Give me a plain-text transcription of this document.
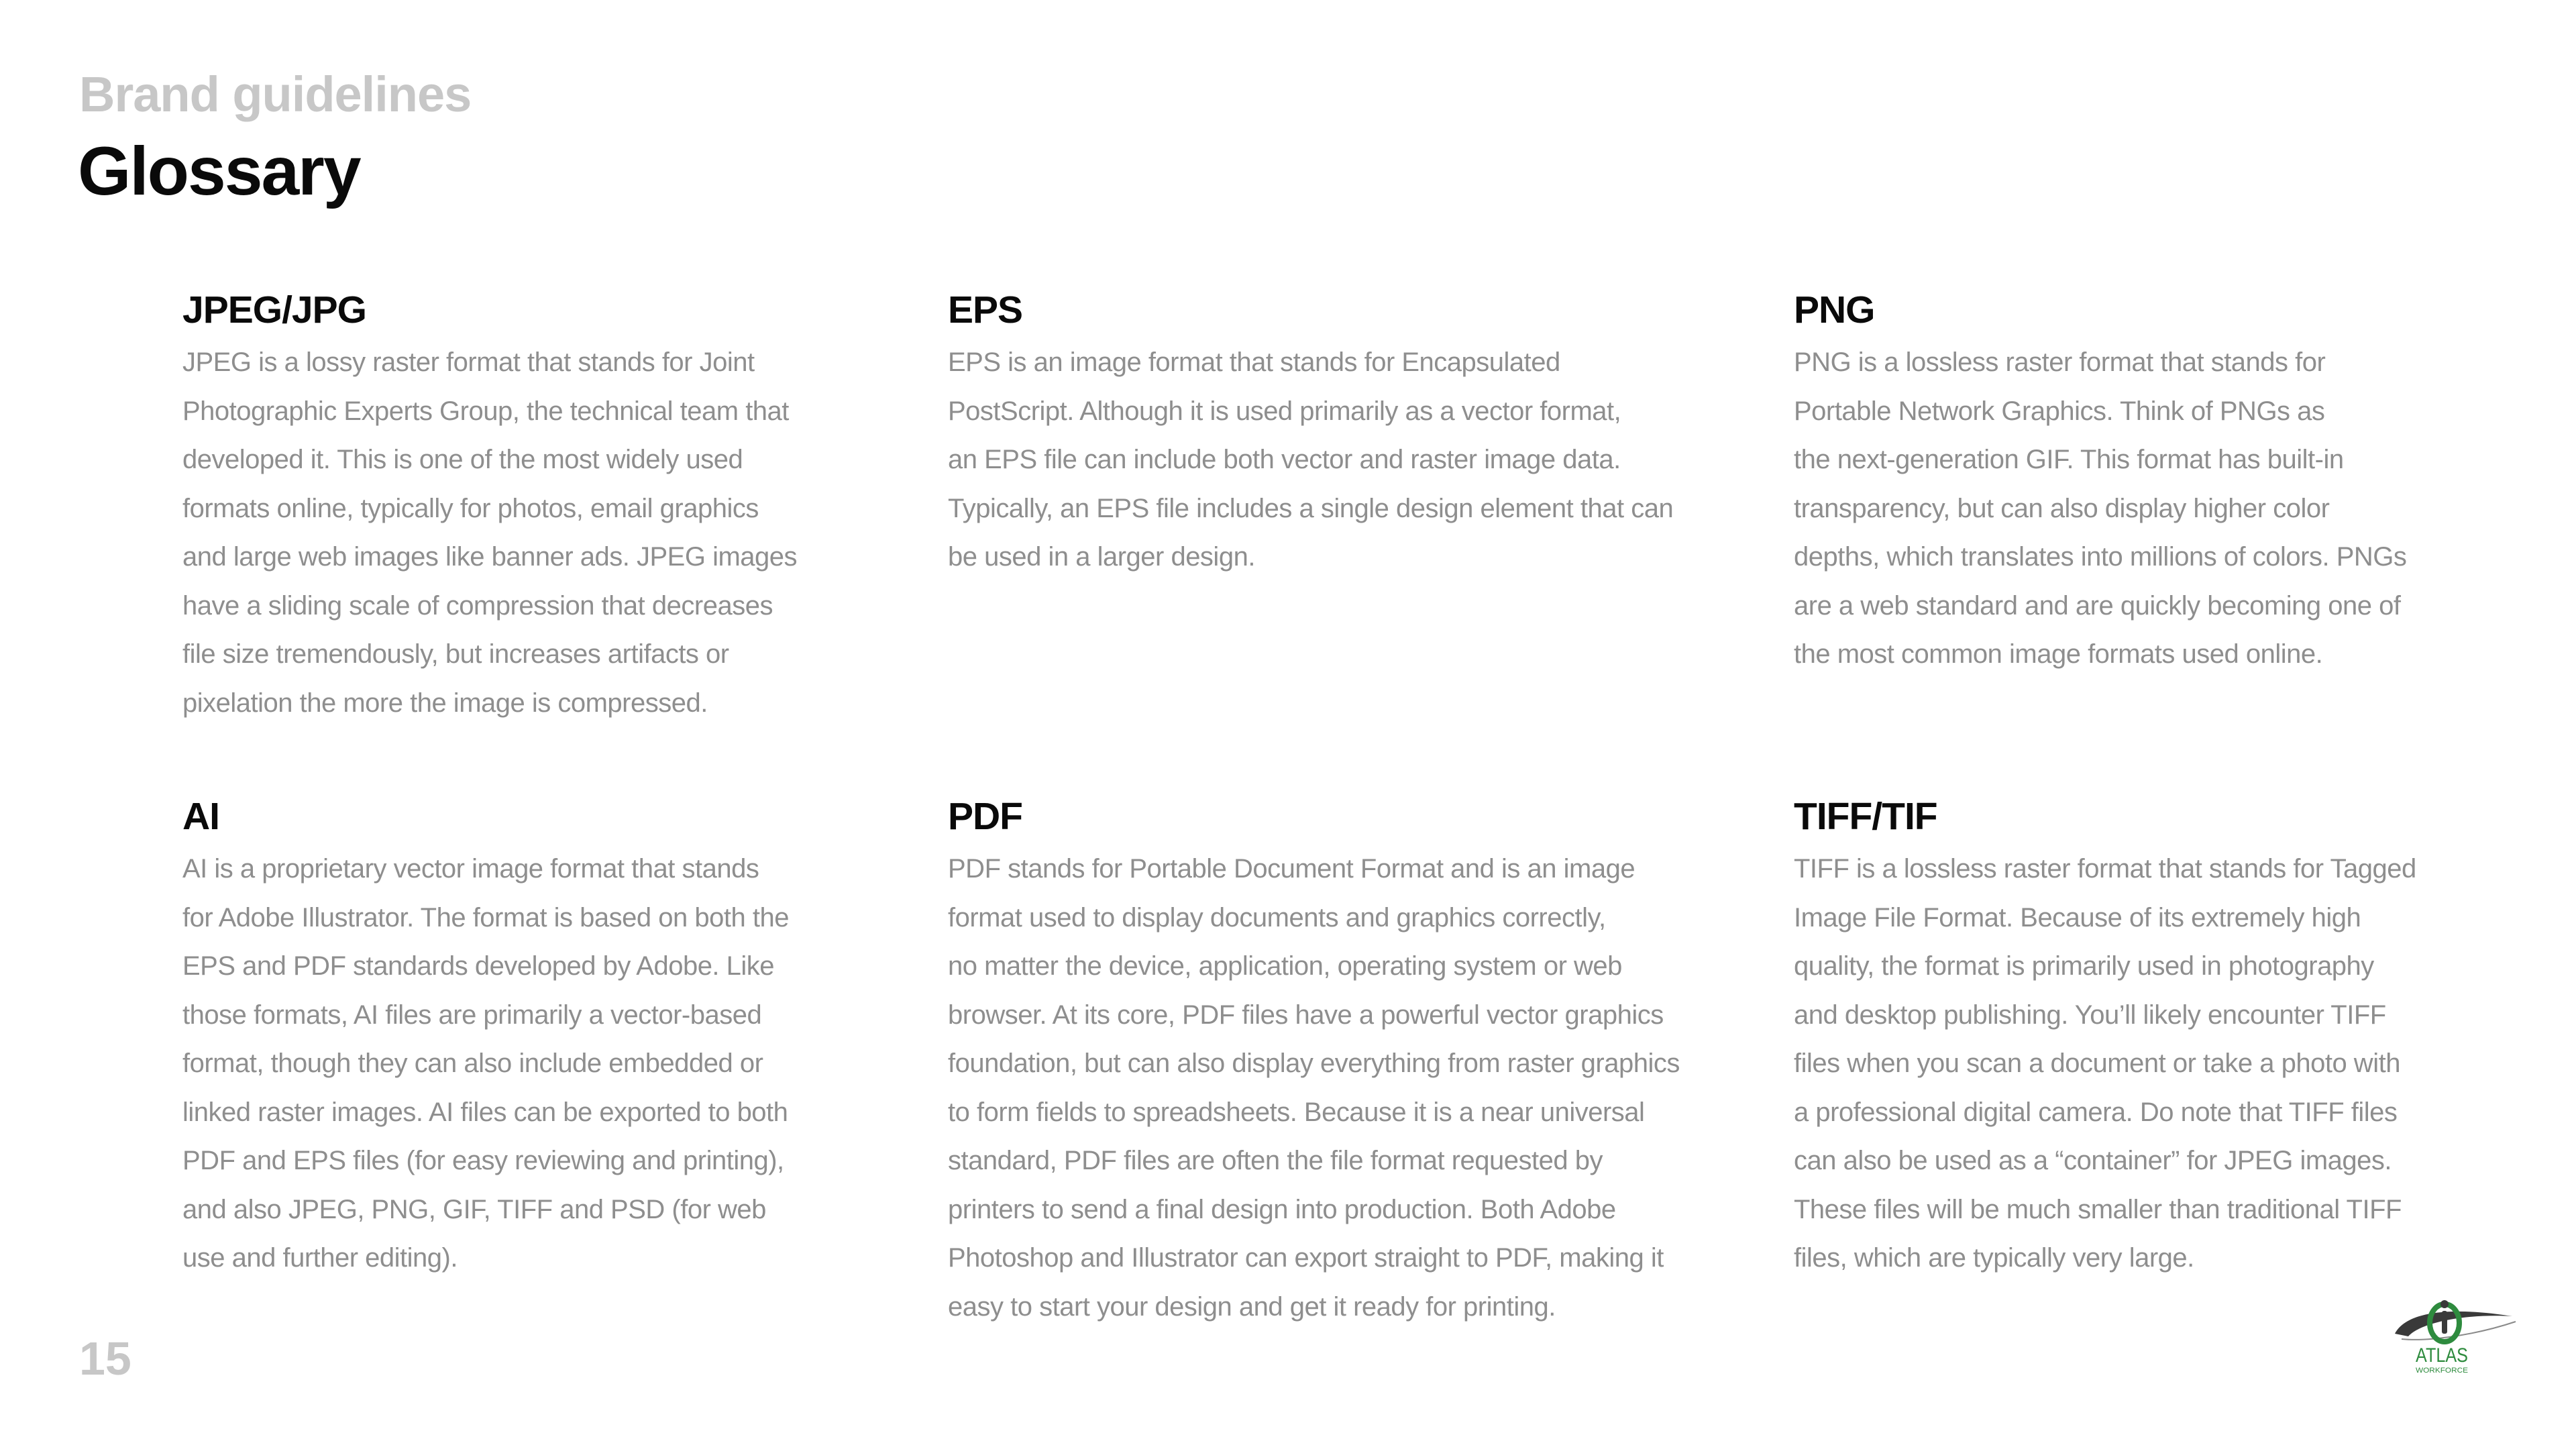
Brand guidelines
Glossary
JPEG/JPG
JPEG is a lossy raster format that stands for Joint
Photographic Experts Group, the technical team that
developed it. This is one of the most widely used
formats online, typically for photos, email graphics
and large web images like banner ads. JPEG images
have a sliding scale of compression that decreases
file size tremendously, but increases artifacts or
pixelation the more the image is compressed.
EPS
EPS is an image format that stands for Encapsulated
PostScript. Although it is used primarily as a vector format,
an EPS file can include both vector and raster image data.
Typically, an EPS file includes a single design element that can
be used in a larger design.
PNG
PNG is a lossless raster format that stands for
Portable Network Graphics. Think of PNGs as
the next-generation GIF. This format has built-in
transparency, but can also display higher color
depths, which translates into millions of colors. PNGs
are a web standard and are quickly becoming one of
the most common image formats used online.
AI
AI is a proprietary vector image format that stands
for Adobe Illustrator. The format is based on both the
EPS and PDF standards developed by Adobe. Like
those formats, AI files are primarily a vector-based
format, though they can also include embedded or
linked raster images. AI files can be exported to both
PDF and EPS files (for easy reviewing and printing),
and also JPEG, PNG, GIF, TIFF and PSD (for web
use and further editing).
PDF
PDF stands for Portable Document Format and is an image
format used to display documents and graphics correctly,
no matter the device, application, operating system or web
browser. At its core, PDF files have a powerful vector graphics
foundation, but can also display everything from raster graphics
to form fields to spreadsheets. Because it is a near universal
standard, PDF files are often the file format requested by
printers to send a final design into production. Both Adobe
Photoshop and Illustrator can export straight to PDF, making it
easy to start your design and get it ready for printing.
TIFF/TIF
TIFF is a lossless raster format that stands for Tagged
Image File Format. Because of its extremely high
quality, the format is primarily used in photography
and desktop publishing. You’ll likely encounter TIFF
files when you scan a document or take a photo with
a professional digital camera. Do note that TIFF files
can also be used as a “container” for JPEG images.
These files will be much smaller than traditional TIFF
files, which are typically very large.
15	ATLAS
WORKFORCE
